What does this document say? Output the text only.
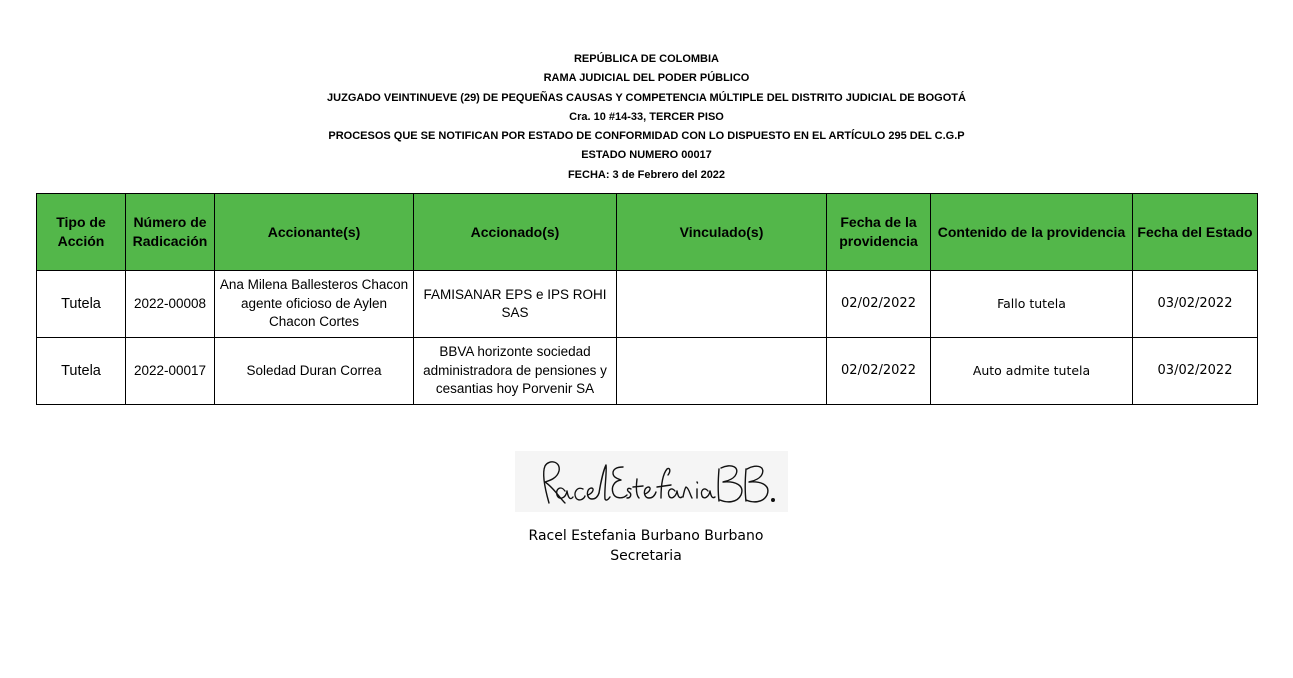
REPÚBLICA DE COLOMBIA
RAMA JUDICIAL DEL PODER PÚBLICO
JUZGADO VEINTINUEVE (29) DE PEQUEÑAS CAUSAS Y COMPETENCIA MÚLTIPLE DEL DISTRITO JUDICIAL DE BOGOTÁ
Cra. 10 #14-33, TERCER PISO
PROCESOS QUE SE NOTIFICAN POR ESTADO DE CONFORMIDAD CON LO DISPUESTO EN EL ARTÍCULO 295 DEL C.G.P
ESTADO NUMERO 00017
FECHA: 3 de Febrero del 2022
Tipo de Acción	Número de Radicación	Accionante(s)	Accionado(s)	Vinculado(s)	Fecha de la providencia	Contenido de la providencia	Fecha del Estado
Tutela	2022-00008	Ana Milena Ballesteros Chacon agente oficioso de Aylen Chacon Cortes	FAMISANAR EPS e IPS ROHI SAS		02/02/2022	Fallo tutela	03/02/2022
Tutela	2022-00017	Soledad Duran Correa	BBVA horizonte sociedad administradora de pensiones y cesantias hoy Porvenir SA		02/02/2022	Auto admite tutela	03/02/2022
Racel Estefania Burbano Burbano
Secretaria
